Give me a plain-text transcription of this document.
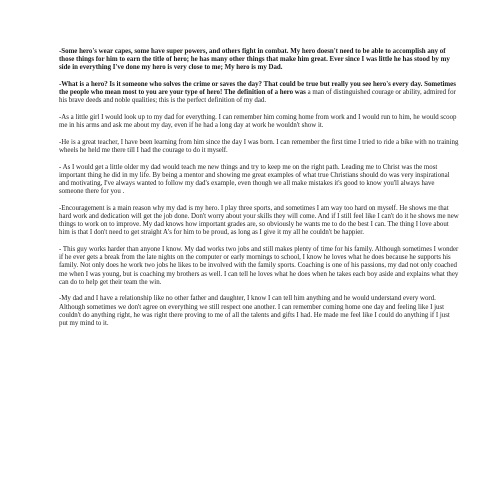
-Some hero's wear capes, some have super powers, and others fight in combat. My hero doesn't need to be able to accomplish any of those things for him to earn the title of hero; he has many other things that make him great. Ever since I was little he has stood by my side in everything I've done my hero is very close to me; My hero is my Dad.

-What is a hero? Is it someone who solves the crime or saves the day? That could be true but really you see hero's every day. Sometimes the people who mean most to you are your type of hero! The definition of a hero was a man of distinguished courage or ability, admired for his brave deeds and noble qualities; this is the perfect definition of my dad.

-As a little girl I would look up to my dad for everything. I can remember him coming home from work and I would run to him, he would scoop me in his arms and ask me about my day, even if he had a long day at work he wouldn't show it.

-He is a great teacher, I have been learning from him since the day I was born. I can remember the first time I tried to ride a bike with no training wheels he held me there till I had the courage to do it myself.

- As I would get a little older my dad would teach me new things and try to keep me on the right path. Leading me to Christ was the most important thing he did in my life. By being a mentor and showing me great examples of what true Christians should do was very inspirational and motivating, I've always wanted to follow my dad's example, even though we all make mistakes it's good to know you'll always have someone there for you .

-Encouragement is a main reason why my dad is my hero. I play three sports, and sometimes I am way too hard on myself. He shows me that hard work and dedication will get the job done. Don't worry about your skills they will come. And if I still feel like I can't do it he shows me new things to work on to improve. My dad knows how important grades are, so obviously he wants me to do the best I can. The thing I love about him is that I don't need to get straight A's for him to be proud, as long as I give it my all he couldn't be happier.

- This guy works harder than anyone I know. My dad works two jobs and still makes plenty of time for his family. Although sometimes I wonder if he ever gets a break from the late nights on the computer or early mornings to school, I know he loves what he does because he supports his family. Not only does he work two jobs he likes to be involved with the family sports. Coaching is one of his passions, my dad not only coached me when I was young, but is coaching my brothers as well. I can tell he loves what he does when he takes each boy aside and explains what they can do to help get their team the win.

-My dad and I have a relationship like no other father and daughter, I know I can tell him anything and he would understand every word. Although sometimes we don't agree on everything we still respect one another. I can remember coming home one day and feeling like I just couldn't do anything right, he was right there proving to me of all the talents and gifts I had. He made me feel like I could do anything if I just put my mind to it.
